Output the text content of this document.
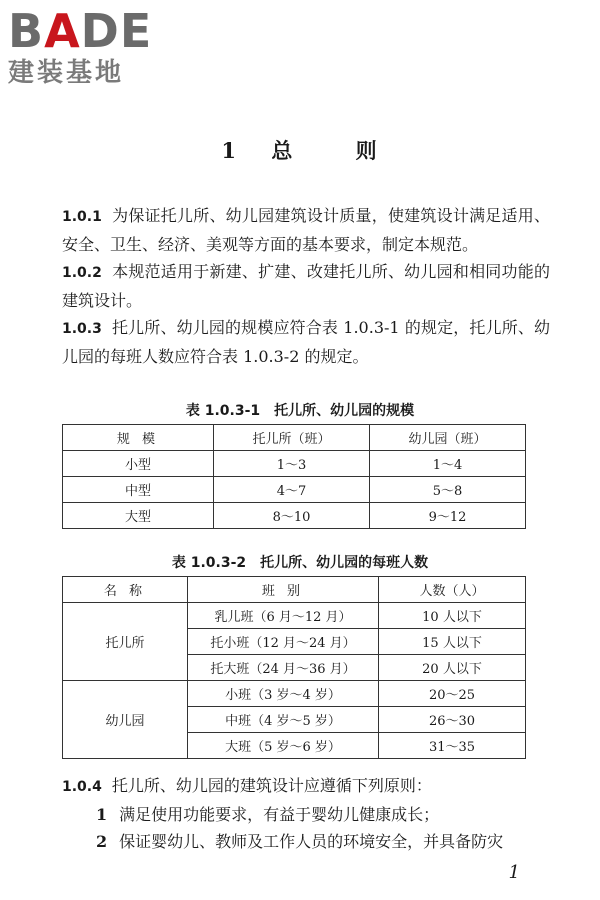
BADE
建装基地
1 总	则

1.0.1 为保证托儿所、幼儿园建筑设计质量，使建筑设计满足适用、安全、卫生、经济、美观等方面的基本要求，制定本规范。

1.0.2 本规范适用于新建、扩建、改建托儿所、幼儿园和相同功能的建筑设计。

1.0.3 托儿所、幼儿园的规模应符合表 1.0.3-1 的规定，托儿所、幼儿园的每班人数应符合表 1.0.3-2 的规定。

表 1.0.3-1 托儿所、幼儿园的规模
规 模	托儿所（班）	幼儿园（班）
小型	1～3	1～4
中型	4～7	5～8
大型	8～10	9～12
表 1.0.3-2 托儿所、幼儿园的每班人数
名 称	班 别	人数（人）
托儿所	乳儿班（6 月～12 月）	10 人以下
	托小班（12 月～24 月）	15 人以下
	托大班（24 月～36 月）	20 人以下
幼儿园	小班（3 岁～4 岁）	20～25
	中班（4 岁～5 岁）	26～30
	大班（5 岁～6 岁）	31～35

1.0.4 托儿所、幼儿园的建筑设计应遵循下列原则：

1 满足使用功能要求，有益于婴幼儿健康成长；

2 保证婴幼儿、教师及工作人员的环境安全，并具备防灾

1
